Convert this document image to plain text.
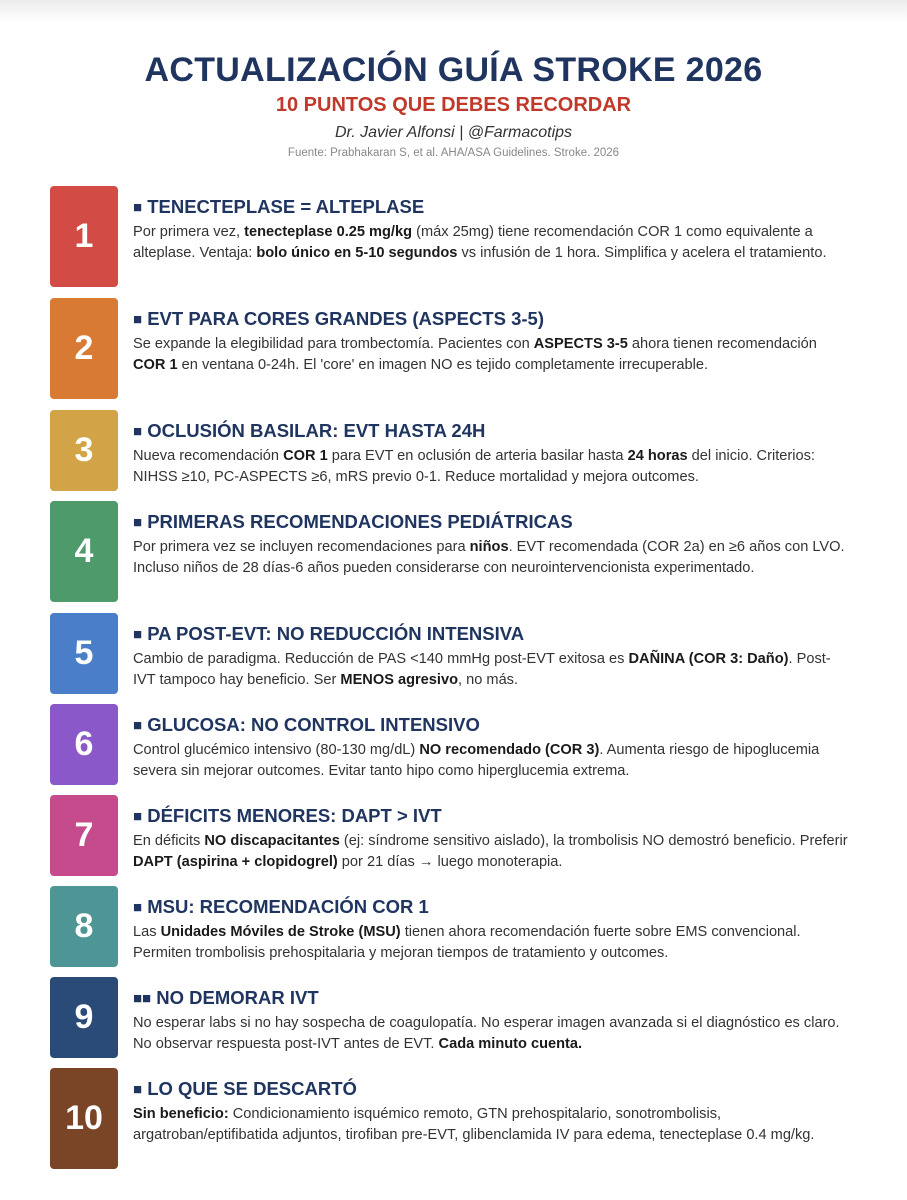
ACTUALIZACIÓN GUÍA STROKE 2026
10 PUNTOS QUE DEBES RECORDAR
Dr. Javier Alfonsi | @Farmacotips
Fuente: Prabhakaran S, et al. AHA/ASA Guidelines. Stroke. 2026
1
■ TENECTEPLASE = ALTEPLASE
Por primera vez, tenecteplase 0.25 mg/kg (máx 25mg) tiene recomendación COR 1 como equivalente a alteplase. Ventaja: bolo único en 5-10 segundos vs infusión de 1 hora. Simplifica y acelera el tratamiento.
2
■ EVT PARA CORES GRANDES (ASPECTS 3-5)
Se expande la elegibilidad para trombectomía. Pacientes con ASPECTS 3-5 ahora tienen recomendación COR 1 en ventana 0-24h. El 'core' en imagen NO es tejido completamente irrecuperable.
3	■ OCLUSIÓN BASILAR: EVT HASTA 24H
Nueva recomendación COR 1 para EVT en oclusión de arteria basilar hasta 24 horas del inicio. Criterios: NIHSS ≥10, PC-ASPECTS ≥6, mRS previo 0-1. Reduce mortalidad y mejora outcomes.
4
■ PRIMERAS RECOMENDACIONES PEDIÁTRICAS
Por primera vez se incluyen recomendaciones para niños. EVT recomendada (COR 2a) en ≥6 años con LVO. Incluso niños de 28 días-6 años pueden considerarse con neurointervencionista experimentado.
5	■ PA POST-EVT: NO REDUCCIÓN INTENSIVA
Cambio de paradigma. Reducción de PAS <140 mmHg post-EVT exitosa es DAÑINA (COR 3: Daño). Post-IVT tampoco hay beneficio. Ser MENOS agresivo, no más.
6	■ GLUCOSA: NO CONTROL INTENSIVO
Control glucémico intensivo (80-130 mg/dL) NO recomendado (COR 3). Aumenta riesgo de hipoglucemia severa sin mejorar outcomes. Evitar tanto hipo como hiperglucemia extrema.
7	■ DÉFICITS MENORES: DAPT > IVT
En déficits NO discapacitantes (ej: síndrome sensitivo aislado), la trombolisis NO demostró beneficio. Preferir DAPT (aspirina + clopidogrel) por 21 días → luego monoterapia.
8	■ MSU: RECOMENDACIÓN COR 1
Las Unidades Móviles de Stroke (MSU) tienen ahora recomendación fuerte sobre EMS convencional. Permiten trombolisis prehospitalaria y mejoran tiempos de tratamiento y outcomes.
9	■■ NO DEMORAR IVT
No esperar labs si no hay sospecha de coagulopatía. No esperar imagen avanzada si el diagnóstico es claro. No observar respuesta post-IVT antes de EVT. Cada minuto cuenta.
10
■ LO QUE SE DESCARTÓ
Sin beneficio: Condicionamiento isquémico remoto, GTN prehospitalario, sonotrombolisis, argatroban/eptifibatida adjuntos, tirofiban pre-EVT, glibenclamida IV para edema, tenecteplase 0.4 mg/kg.
